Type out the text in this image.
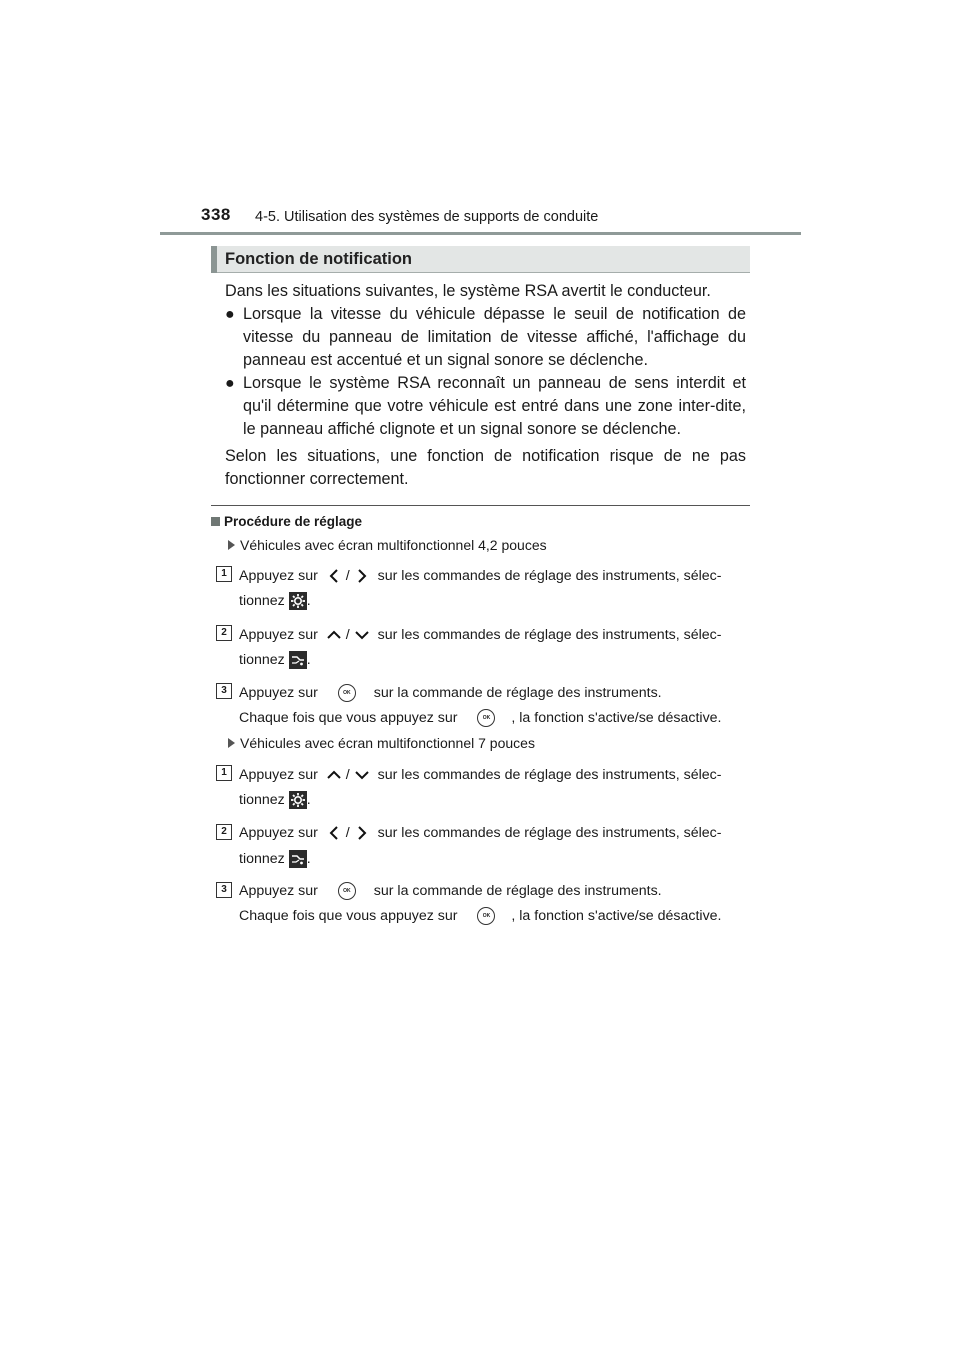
338 4-5. Utilisation des systèmes de supports de conduite
Fonction de notification
Dans les situations suivantes, le système RSA avertit le conducteur.
● Lorsque la vitesse du véhicule dépasse le seuil de notification de vitesse du panneau de limitation de vitesse affiché, l'affichage du panneau est accentué et un signal sonore se déclenche.
● Lorsque le système RSA reconnaît un panneau de sens interdit et qu'il détermine que votre véhicule est entré dans une zone inter-dite, le panneau affiché clignote et un signal sonore se déclenche.
Selon les situations, une fonction de notification risque de ne pas fonctionner correctement.
Procédure de réglage
Véhicules avec écran multifonctionnel 4,2 pouces
1 Appuyez sur / sur les commandes de réglage des instruments, sélec-
tionnez .
2 Appuyez sur / sur les commandes de réglage des instruments, sélec-
tionnez .
3 Appuyez sur	OK sur la commande de réglage des instruments.
Chaque fois que vous appuyez sur	OK , la fonction s'active/se désactive.
Véhicules avec écran multifonctionnel 7 pouces
1 Appuyez sur / sur les commandes de réglage des instruments, sélec-
tionnez .
2 Appuyez sur / sur les commandes de réglage des instruments, sélec-
tionnez .
3 Appuyez sur	OK sur la commande de réglage des instruments.
Chaque fois que vous appuyez sur	OK , la fonction s'active/se désactive.
